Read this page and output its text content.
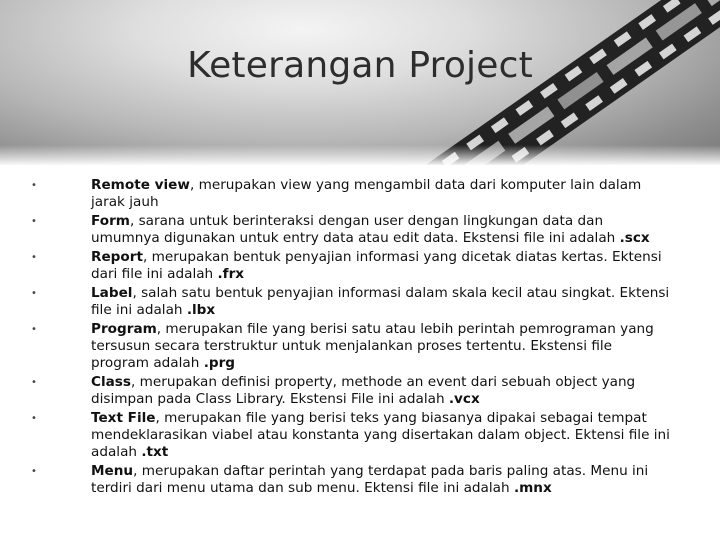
Keterangan Project
•	Remote view, merupakan view yang mengambil data dari komputer lain dalam jarak jauh
•	Form, sarana untuk berinteraksi dengan user dengan lingkungan data dan umumnya digunakan untuk entry data atau edit data. Ekstensi file ini adalah .scx
•	Report, merupakan bentuk penyajian informasi yang dicetak diatas kertas. Ektensi dari file ini adalah .frx
•	Label, salah satu bentuk penyajian informasi dalam skala kecil atau singkat. Ektensi file ini adalah .lbx
•	Program, merupakan file yang berisi satu atau lebih perintah pemrograman yang tersusun secara terstruktur untuk menjalankan proses tertentu. Ekstensi file program adalah .prg
•	Class, merupakan definisi property, methode an event dari sebuah object yang disimpan pada Class Library. Ekstensi File ini adalah .vcx
•	Text File, merupakan file yang berisi teks yang biasanya dipakai sebagai tempat mendeklarasikan viabel atau konstanta yang disertakan dalam object. Ektensi file ini adalah .txt
•	Menu, merupakan daftar perintah yang terdapat pada baris paling atas. Menu ini terdiri dari menu utama dan sub menu. Ektensi file ini adalah .mnx
